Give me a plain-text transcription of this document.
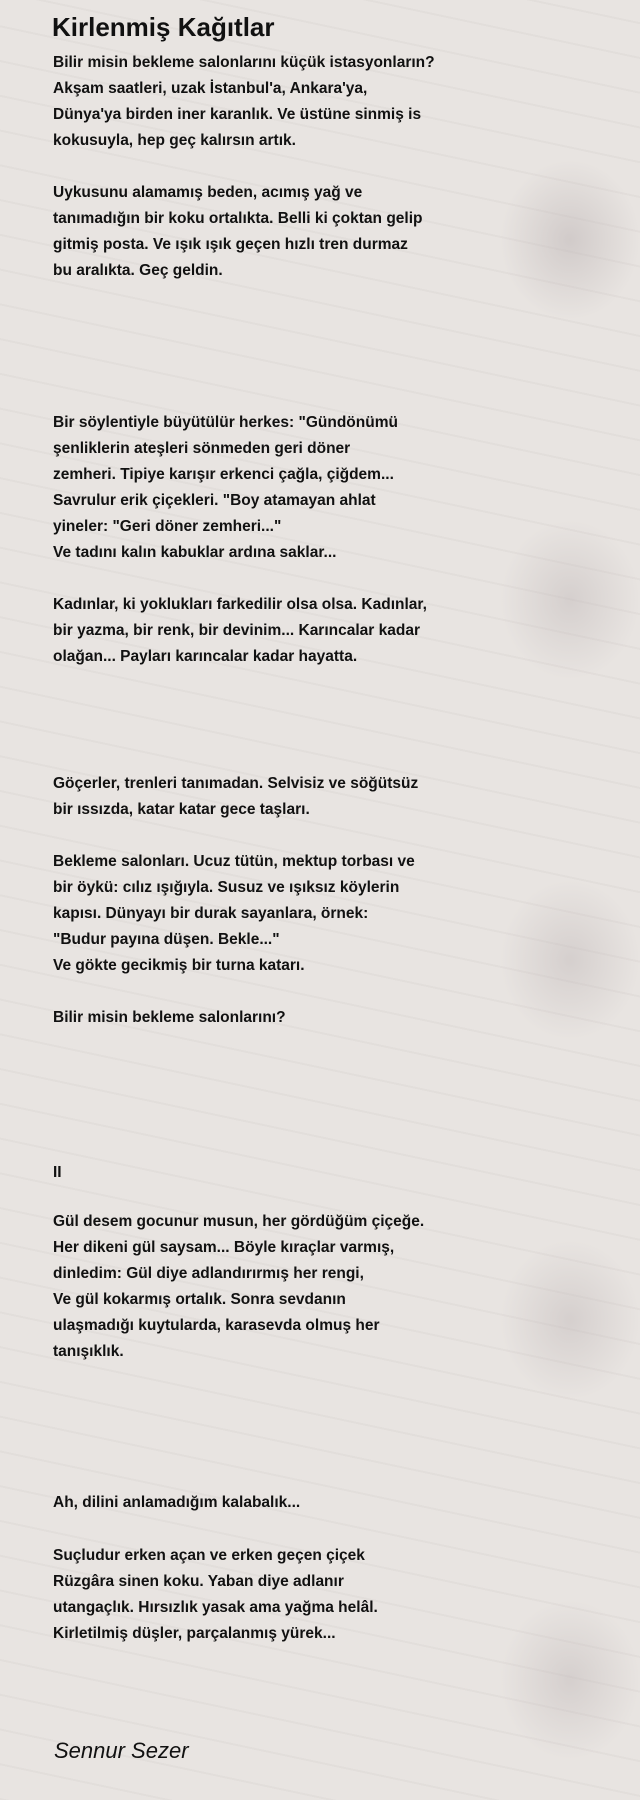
Kirlenmiş Kağıtlar

Bilir misin bekleme salonlarını küçük istasyonların?
Akşam saatleri, uzak İstanbul'a, Ankara'ya,
Dünya'ya birden iner karanlık. Ve üstüne sinmiş is
kokusuyla, hep geç kalırsın artık.

Uykusunu alamamış beden, acımış yağ ve
tanımadığın bir koku ortalıkta. Belli ki çoktan gelip
gitmiş posta. Ve ışık ışık geçen hızlı tren durmaz
bu aralıkta. Geç geldin.

Bir söylentiyle büyütülür herkes: "Gündönümü
şenliklerin ateşleri sönmeden geri döner
zemheri. Tipiye karışır erkenci çağla, çiğdem...
Savrulur erik çiçekleri. "Boy atamayan ahlat
yineler: "Geri döner zemheri..."
Ve tadını kalın kabuklar ardına saklar...

Kadınlar, ki yoklukları farkedilir olsa olsa. Kadınlar,
bir yazma, bir renk, bir devinim... Karıncalar kadar
olağan... Payları karıncalar kadar hayatta.

Göçerler, trenleri tanımadan. Selvisiz ve söğütsüz
bir ıssızda, katar katar gece taşları.

Bekleme salonları. Ucuz tütün, mektup torbası ve
bir öykü: cılız ışığıyla. Susuz ve ışıksız köylerin
kapısı. Dünyayı bir durak sayanlara, örnek:
"Budur payına düşen. Bekle..."
Ve gökte gecikmiş bir turna katarı.

Bilir misin bekleme salonlarını?

II

Gül desem gocunur musun, her gördüğüm çiçeğe.
Her dikeni gül saysam... Böyle kıraçlar varmış,
dinledim: Gül diye adlandırırmış her rengi,
Ve gül kokarmış ortalık. Sonra sevdanın
ulaşmadığı kuytularda, karasevda olmuş her
tanışıklık.

Ah, dilini anlamadığım kalabalık...

Suçludur erken açan ve erken geçen çiçek
Rüzgâra sinen koku. Yaban diye adlanır
utangaçlık. Hırsızlık yasak ama yağma helâl.
Kirletilmiş düşler, parçalanmış yürek...

Sennur Sezer
